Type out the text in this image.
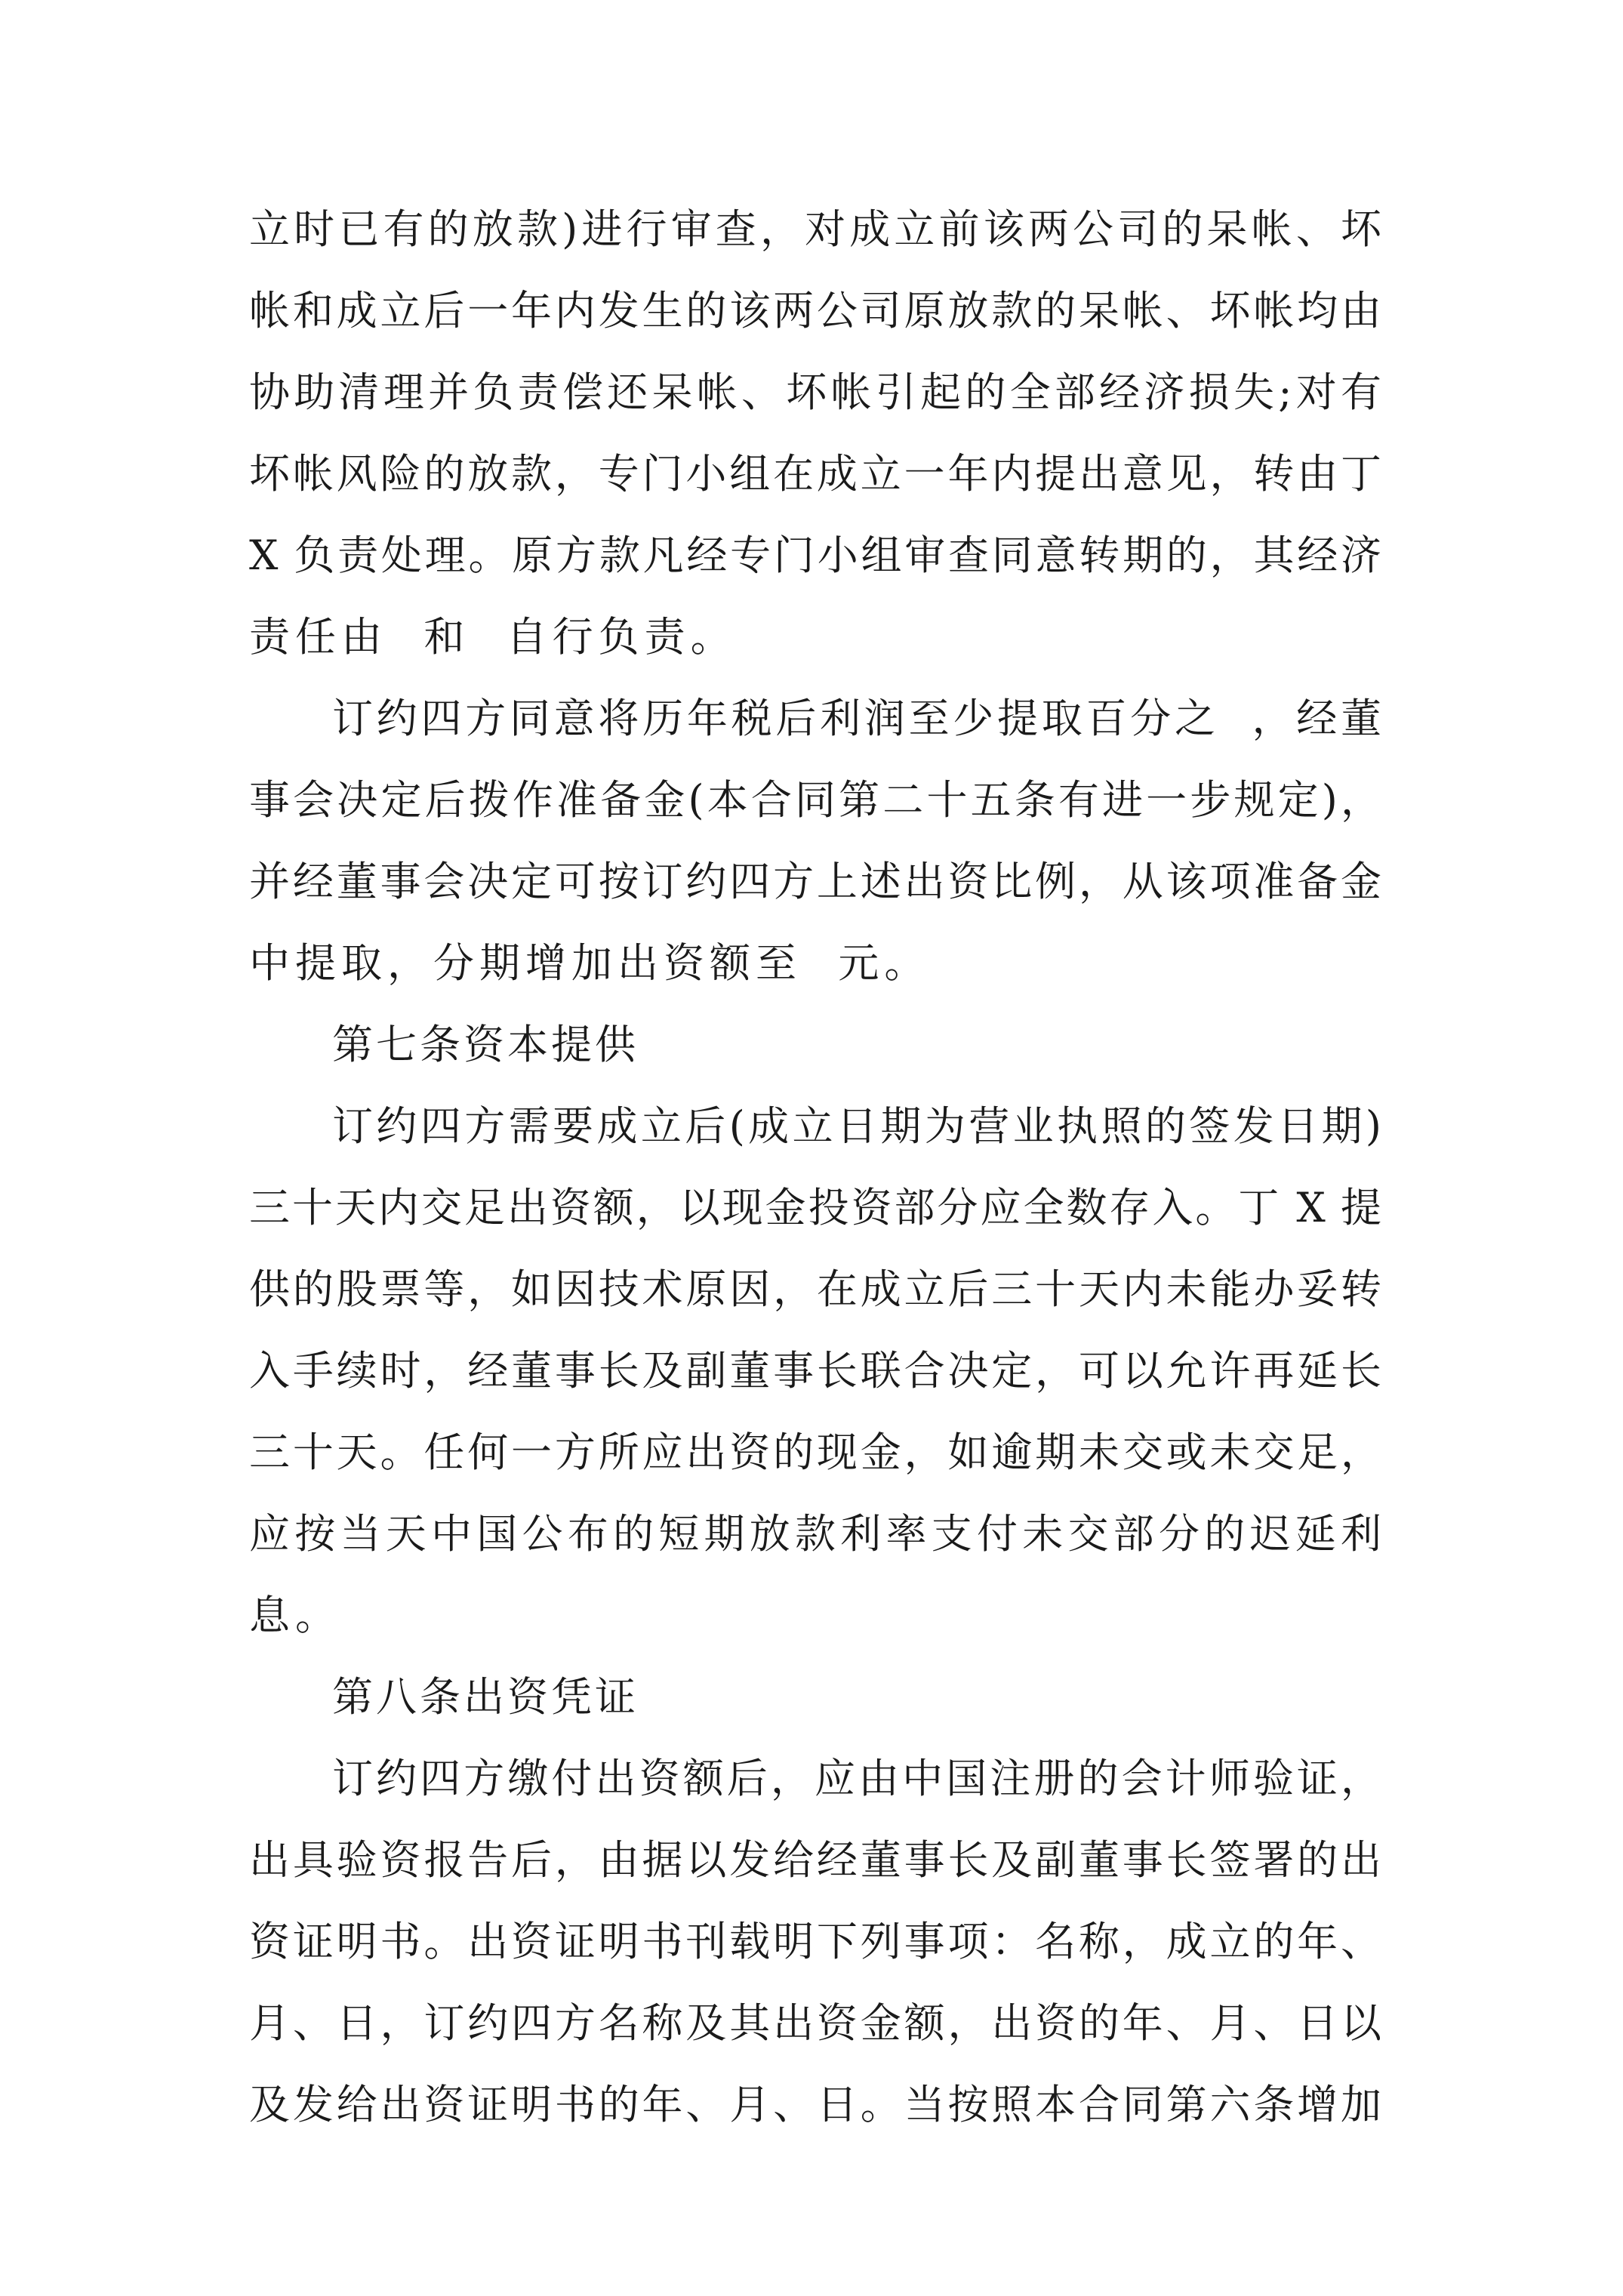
立时已有的放款)进行审查，对成立前该两公司的呆帐、坏
帐和成立后一年内发生的该两公司原放款的呆帐、坏帐均由
协助清理并负责偿还呆帐、坏帐引起的全部经济损失;对有
坏帐风险的放款，专门小组在成立一年内提出意见，转由丁
X 负责处理。原方款凡经专门小组审查同意转期的，其经济
责任由  和  自行负责。
订约四方同意将历年税后利润至少提取百分之  ，经董
事会决定后拨作准备金(本合同第二十五条有进一步规定)，
并经董事会决定可按订约四方上述出资比例，从该项准备金
中提取，分期增加出资额至  元。
第七条资本提供
订约四方需要成立后(成立日期为营业执照的签发日期)
三十天内交足出资额，以现金投资部分应全数存入。丁 X 提
供的股票等，如因技术原因，在成立后三十天内未能办妥转
入手续时，经董事长及副董事长联合决定，可以允许再延长
三十天。任何一方所应出资的现金，如逾期未交或未交足，
应按当天中国公布的短期放款利率支付未交部分的迟延利
息。
第八条出资凭证
订约四方缴付出资额后，应由中国注册的会计师验证，
出具验资报告后，由据以发给经董事长及副董事长签署的出
资证明书。出资证明书刊载明下列事项：名称，成立的年、
月、日，订约四方名称及其出资金额，出资的年、月、日以
及发给出资证明书的年、月、日。当按照本合同第六条增加
